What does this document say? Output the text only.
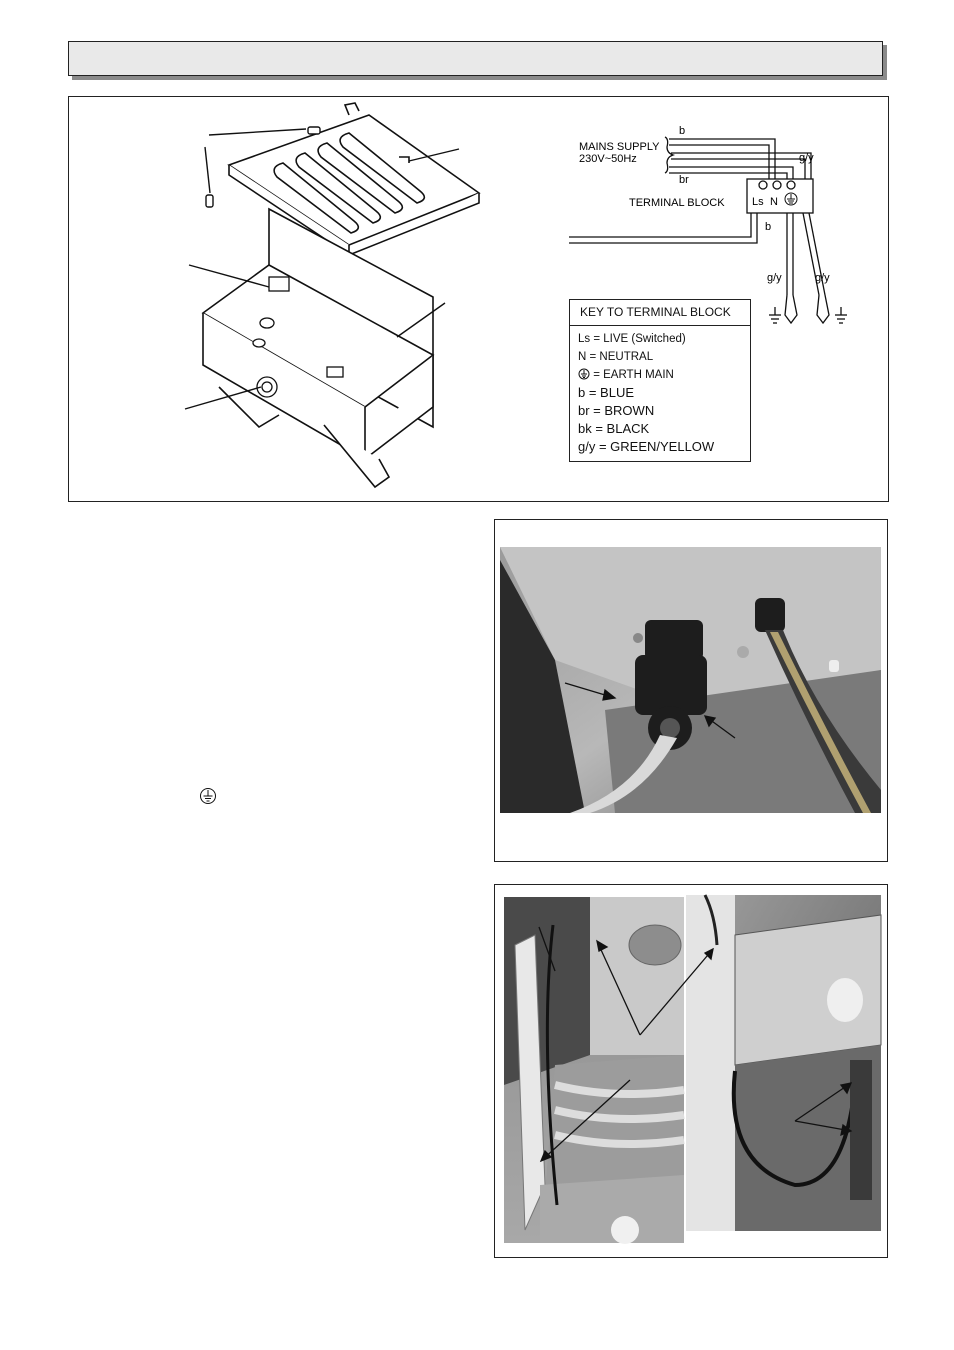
MAINS SUPPLY
230V~50Hz
TERMINAL BLOCK
b
br
g/y
b
g/y	g/y
Ls N
KEY TO TERMINAL BLOCK
Ls = LIVE (Switched)
N = NEUTRAL
= EARTH MAIN
b = BLUE
br = BROWN
bk = BLACK
g/y = GREEN/YELLOW
